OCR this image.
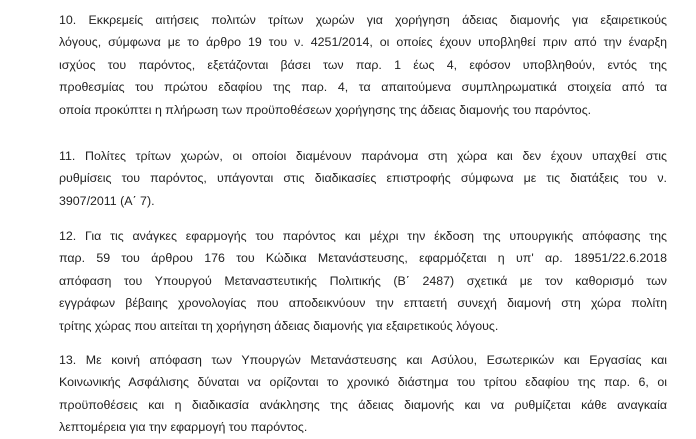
10. Εκκρεμείς αιτήσεις πολιτών τρίτων χωρών για χορήγηση άδειας διαμονής για εξαιρετικούς
λόγους, σύμφωνα με το άρθρο 19 του ν. 4251/2014, οι οποίες έχουν υποβληθεί πριν από την έναρξη
ισχύος του παρόντος, εξετάζονται βάσει των παρ. 1 έως 4, εφόσον υποβληθούν, εντός της
προθεσμίας του πρώτου εδαφίου της παρ. 4, τα απαιτούμενα συμπληρωματικά στοιχεία από τα
οποία προκύπτει η πλήρωση των προϋποθέσεων χορήγησης της άδειας διαμονής του παρόντος.

11. Πολίτες τρίτων χωρών, οι οποίοι διαμένουν παράνομα στη χώρα και δεν έχουν υπαχθεί στις
ρυθμίσεις του παρόντος, υπάγονται στις διαδικασίες επιστροφής σύμφωνα με τις διατάξεις του ν.
3907/2011 (Α΄ 7).

12. Για τις ανάγκες εφαρμογής του παρόντος και μέχρι την έκδοση της υπουργικής απόφασης της
παρ. 59 του άρθρου 176 του Κώδικα Μετανάστευσης, εφαρμόζεται η υπ' αρ. 18951/22.6.2018
απόφαση του Υπουργού Μεταναστευτικής Πολιτικής (Β΄ 2487) σχετικά με τον καθορισμό των
εγγράφων βέβαιης χρονολογίας που αποδεικνύουν την επταετή συνεχή διαμονή στη χώρα πολίτη
τρίτης χώρας που αιτείται τη χορήγηση άδειας διαμονής για εξαιρετικούς λόγους.

13. Με κοινή απόφαση των Υπουργών Μετανάστευσης και Ασύλου, Εσωτερικών και Εργασίας και
Κοινωνικής Ασφάλισης δύναται να ορίζονται το χρονικό διάστημα του τρίτου εδαφίου της παρ. 6, οι
προϋποθέσεις και η διαδικασία ανάκλησης της άδειας διαμονής και να ρυθμίζεται κάθε αναγκαία
λεπτομέρεια για την εφαρμογή του παρόντος.
